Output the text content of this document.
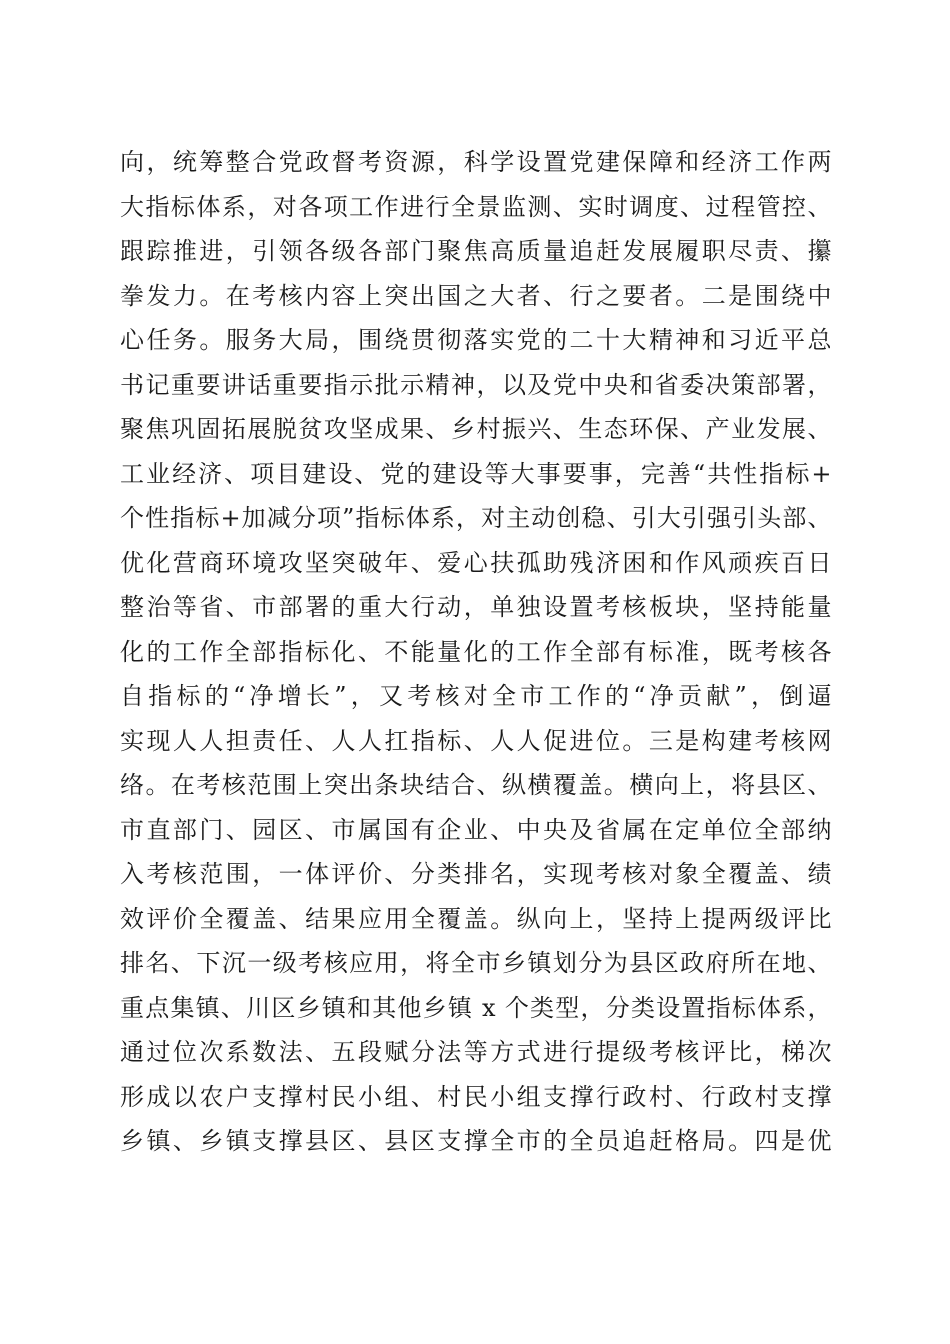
向，统筹整合党政督考资源，科学设置党建保障和经济工作两
大指标体系，对各项工作进行全景监测、实时调度、过程管控、
跟踪推进，引领各级各部门聚焦高质量追赶发展履职尽责、攥
拳发力。在考核内容上突出国之大者、行之要者。二是围绕中
心任务。服务大局，围绕贯彻落实党的二十大精神和习近平总
书记重要讲话重要指示批示精神，以及党中央和省委决策部署，
聚焦巩固拓展脱贫攻坚成果、乡村振兴、生态环保、产业发展、
工业经济、项目建设、党的建设等大事要事，完善“共性指标+
个性指标+加减分项”指标体系，对主动创稳、引大引强引头部、
优化营商环境攻坚突破年、爱心扶孤助残济困和作风顽疾百日
整治等省、市部署的重大行动，单独设置考核板块，坚持能量
化的工作全部指标化、不能量化的工作全部有标准，既考核各
自指标的“净增长”，又考核对全市工作的“净贡献”，倒逼
实现人人担责任、人人扛指标、人人促进位。三是构建考核网
络。在考核范围上突出条块结合、纵横覆盖。横向上，将县区、
市直部门、园区、市属国有企业、中央及省属在定单位全部纳
入考核范围，一体评价、分类排名，实现考核对象全覆盖、绩
效评价全覆盖、结果应用全覆盖。纵向上，坚持上提两级评比
排名、下沉一级考核应用，将全市乡镇划分为县区政府所在地、
重点集镇、川区乡镇和其他乡镇 x 个类型，分类设置指标体系，
通过位次系数法、五段赋分法等方式进行提级考核评比，梯次
形成以农户支撑村民小组、村民小组支撑行政村、行政村支撑
乡镇、乡镇支撑县区、县区支撑全市的全员追赶格局。四是优
